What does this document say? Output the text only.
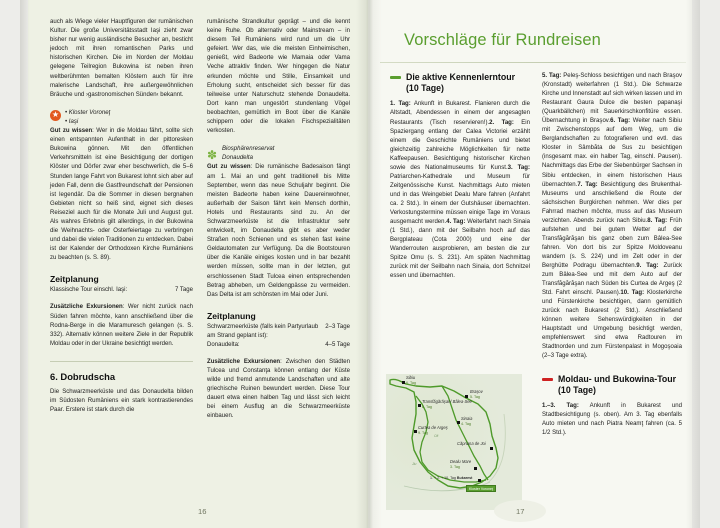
auch als Wiege vieler Hauptfiguren der rumänischen Kultur. Die große Universitätsstadt Iaşi zieht zwar bisher nur wenig ausländische Besucher an, besticht jedoch mit ihren romantischen Parks und historischen Kirchen. Die im Norden der Moldau gelegene Teilregion Bukowina ist neben ihren weltberühmten bemalten Klöstern auch für ihre malerische Landschaft, ihre außergewöhnlichen Bräuche und ›gastronomischen Sünden‹ bekannt.

★ • Kloster Voroneţ
• Iaşi

Gut zu wissen: Wer in die Moldau fährt, sollte sich einen entspannten Aufenthalt in der pittoresken Bukowina gönnen. Mit den öffentlichen Verkehrsmitteln ist eine Besichtigung der dortigen Klöster und Dörfer zwar eher beschwerlich, die 5–6 Stunden lange Fahrt von Bukarest lohnt sich aber auf jeden Fall, denn die Gastfreundschaft der Pensionen ist legendär. Da die Sommer in diesen bergnahen Gebieten nicht so heiß sind, eignet sich dieses Reiseziel auch für die Monate Juli und August gut. Als wahres Erlebnis gilt allerdings, in der Bukowina die Weihnachts- oder Osterfeiertage zu verbringen und dabei die vielen Traditionen zu entdecken. Dabei ist der Kalender der Orthodoxen Kirche Rumäniens zu beachten (s. S. 89).

Zeitplanung
Klassische Tour einschl. Iaşi:	7 Tage

Zusätzliche Exkursionen: Wer nicht zurück nach Süden fahren möchte, kann anschließend über die Rodna-Berge in die Maramuresch gelangen (s. S. 332). Alternativ können weitere Ziele in der Republik Moldau oder in der Ukraine besichtigt werden.

6. Dobrudscha

Die Schwarzmeerküste und das Donaudelta bilden im Südosten Rumäniens ein stark kontrastierendes Paar. Erstere ist stark durch die

rumänische Strandkultur geprägt – und die kennt keine Ruhe. Ob alternativ oder Mainstream – in diesem Teil Rumäniens wird rund um die Uhr gefeiert. Wer das, wie die meisten Einheimischen, genießt, wird Badeorte wie Mamaia oder Vama Veche attraktiv finden. Wer hingegen die Natur erkunden möchte und Stille, Einsamkeit und Erholung sucht, entscheidet sich besser für das teilweise unter Naturschutz stehende Donaudelta. Dort kann man ungestört stundenlang Vögel beobachten, gemütlich im Boot über die Kanäle schippern oder die lokalen Fischspezialitäten verkosten.

✽ Biosphärenreservat
Donaudelta

Gut zu wissen: Die rumänische Badesaison fängt am 1. Mai an und geht traditionell bis Mitte September, wenn das neue Schuljahr beginnt. Die meisten Badeorte haben keine Dauereinwohner, außerhalb der Saison fährt kein Mensch dorthin, Hotels und Restaurants sind zu. An der Schwarzmeerküste ist die Infrastruktur sehr entwickelt, im Donaudelta gibt es aber weder Straßen noch Schienen und es stehen fast keine Geldautomaten zur Verfügung. Da die Bootstouren über die Kanäle einiges kosten und in bar bezahlt werden müssen, sollte man in der letzten, gut erschlossenen Stadt Tulcea einen entsprechenden Betrag abheben, um Geldengpässe zu vermeiden. Das Delta ist am schönsten im Mai oder Juni.

Zeitplanung
Schwarzmeerküste (falls kein Partyurlaub am Strand geplant ist):
2–3 Tage
Donaudelta:	4–5 Tage

Zusätzliche Exkursionen: Zwischen den Städten Tulcea und Constanţa können entlang der Küste wilde und fremd anmutende Landschaften und alte griechische Ruinen bewundert werden. Diese Tour dauert etwa einen halben Tag und lässt sich leicht bei einem Ausflug an die Schwarzmeerküste einbauen.

16
Vorschläge für Rundreisen
Die aktive Kennenlerntour (10 Tage)

1. Tag: Ankunft in Bukarest. Flanieren durch die Altstadt, Abendessen in einem der angesagten Restaurants (Tisch reservieren!).2. Tag: Ein Spaziergang entlang der Calea Victoriei erzählt einem die Geschichte Rumäniens und bietet gleichzeitig zahlreiche Möglichkeiten für nette Kaffeepausen. Besichtigung historischer Kirchen sowie des Nationalmuseums für Kunst.3. Tag: Patriarchen-Kathedrale und Museum für Zeitgenössische Kunst. Nachmittags Auto mieten und in das Weingebiet Dealu Mare fahren (Anfahrt ca. 2 Std.). In einem der Gutshäuser übernachten. Verkostungstermine müssen einige Tage im Voraus ausgemacht werden.4. Tag: Weiterfahrt nach Sinaia (1 Std.), dann mit der Seilbahn hoch auf das Bergplateau (Cota 2000) und eine der Wanderrouten ausprobieren, am besten die zur Spitze Omu (s. S. 231). Am späten Nachmittag zurück mit der Seilbahn nach Sinaia, dort Schnitzel essen und übernachten.

5. Tag: Peleş-Schloss besichtigen und nach Braşov (Kronstadt) weiterfahren (1 Std.). Die Schwarze Kirche und Innenstadt auf sich wirken lassen und im Restaurant Gaura Dulce die besten papanaşi (Quarkbällchen) mit Sauerkirschkonfitüre essen. Übernachtung in Braşov.6. Tag: Weiter nach Sibiu mit Zwischenstopps auf dem Weg, um die Berglandschaften zu fotografieren und evtl. das Kloster in Sâmbăta de Sus zu besichtigen (insgesamt max. ein halber Tag, einschl. Pausen). Nachmittags das Erbe der Siebenbürger Sachsen in Sibiu entdecken, in einem historischen Haus übernachten.7. Tag: Besichtigung des Brukenthal-Museums und anschließend die Route der sächsischen Burgkirchen nehmen. Wer dies per Fahrrad machen möchte, muss auf das Museum verzichten. Abends zurück nach Sibiu.8. Tag: Früh aufstehen und bei gutem Wetter auf der Transfăgărăşan bis ganz oben zum Bâlea-See fahren. Von dort bis zur Spitze Moldoveanu wandern (s. S. 224) und im Zelt oder in der Berghütte Podragu übernachten.9. Tag: Zurück zum Bâlea-See und mit dem Auto auf der Transfăgărăşan nach Süden bis Curtea de Argeş (2 Std. Fahrt einschl. Pausen).10. Tag: Klosterkirche und Fürstenkirche besichtigen, dann gemütlich zurück nach Bukarest (2 Std.). Anschließend können weitere Sehenswürdigkeiten in der Hauptstadt und Umgebung besichtigt werden, empfehlenswert sind etwa Radtouren im Stadtnorden und zum Fürstenpalast in Mogoşoaia (2–3 Tage extra).

Moldau- und Bukowina-Tour (10 Tage)

1.–3. Tag: Ankunft in Bukarest und Stadtbesichtigung (s. oben). Am 3. Tag ebenfalls Auto mieten und nach Piatra Neamţ fahren (ca. 5 1/2 Std.).

Sibiu
6. Tag
Braşov
5. Tag
Transfăgărăşan/ Bâlea-See
8. Tag
Sinaia
4. Tag
Curtea de Argeş
9. Tag
Căpriana de Joi
Dealu Mare
3. Tag
1. + 2. + 10. Tag Bukarest
Kloster Voroneţ
Olt
Jiu
17
